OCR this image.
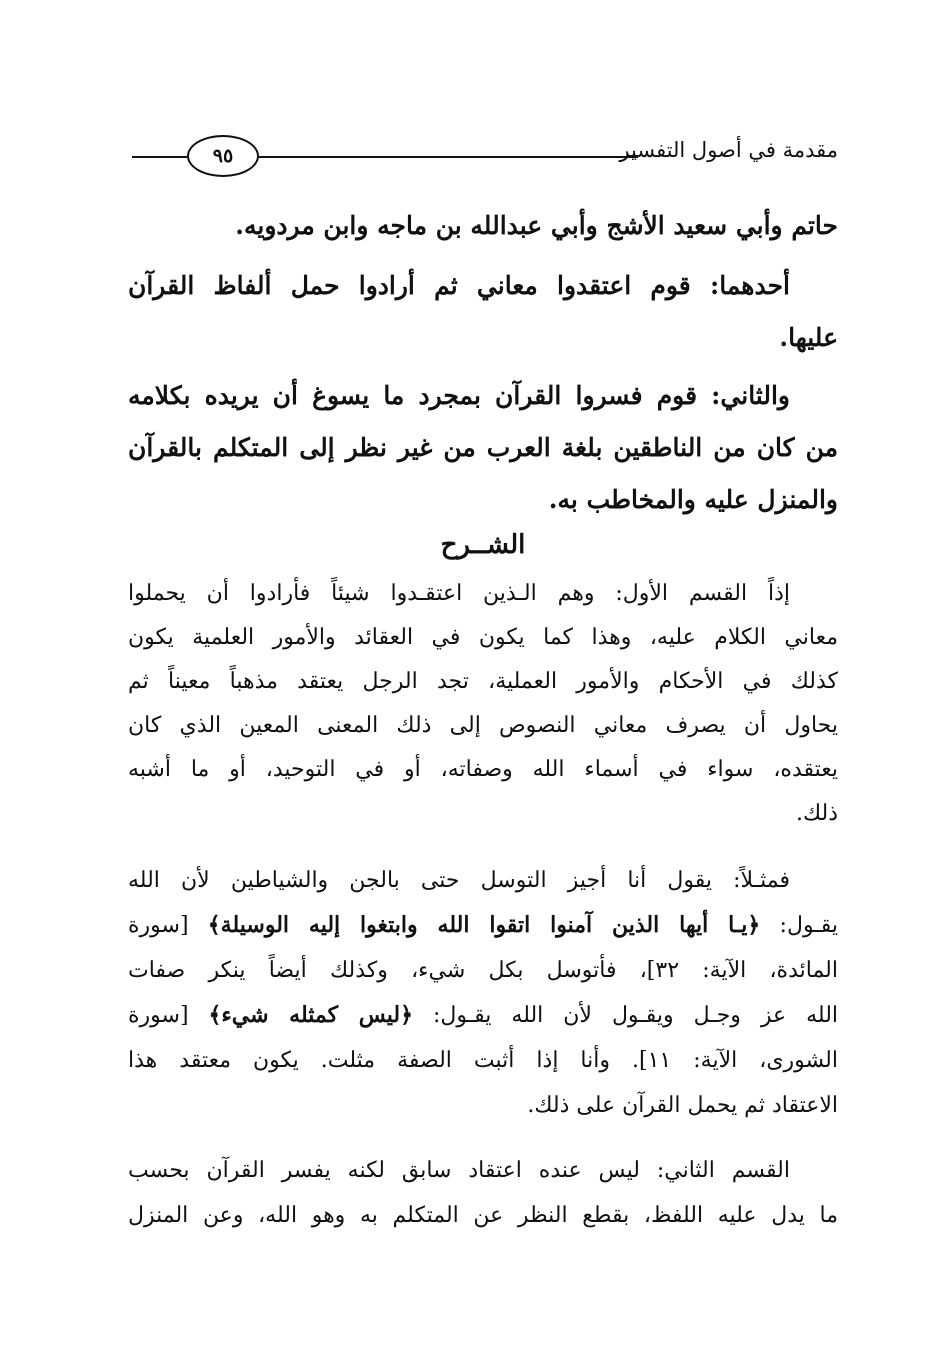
مقدمة في أصول التفسير
٩٥
حاتم وأبي سعيد الأشج وأبي عبدالله بن ماجه وابن مردويه.
أحدهما: قوم اعتقدوا معاني ثم أرادوا حمل ألفاظ القرآن
عليها.
والثاني: قوم فسروا القرآن بمجرد ما يسوغ أن يريده بكلامه
من كان من الناطقين بلغة العرب من غير نظر إلى المتكلم بالقرآن
والمنزل عليه والمخاطب به.
الشــرح
إذاً القسم الأول: وهم الـذين اعتقـدوا شيئاً فأرادوا أن يحملوا
معاني الكلام عليه، وهذا كما يكون في العقائد والأمور العلمية يكون
كذلك في الأحكام والأمور العملية، تجد الرجل يعتقد مذهباً معيناً ثم
يحاول أن يصرف معاني النصوص إلى ذلك المعنى المعين الذي كان
يعتقده، سواء في أسماء الله وصفاته، أو في التوحيد، أو ما أشبه
ذلك.
فمثـلاً: يقول أنا أجيز التوسل حتى بالجن والشياطين لأن الله
يقـول: ﴿يـا أيها الذين آمنوا اتقوا الله وابتغوا إليه الوسيلة﴾ [سورة
المائدة، الآية: ٣٢]، فأتوسل بكل شيء، وكذلك أيضاً ينكر صفات
الله عز وجـل ويقـول لأن الله يقـول: ﴿ليس كمثله شيء﴾ [سورة
الشورى، الآية: ١١]. وأنا إذا أثبت الصفة مثلت. يكون معتقد هذا
الاعتقاد ثم يحمل القرآن على ذلك.
القسم الثاني: ليس عنده اعتقاد سابق لكنه يفسر القرآن بحسب
ما يدل عليه اللفظ، بقطع النظر عن المتكلم به وهو الله، وعن المنزل
